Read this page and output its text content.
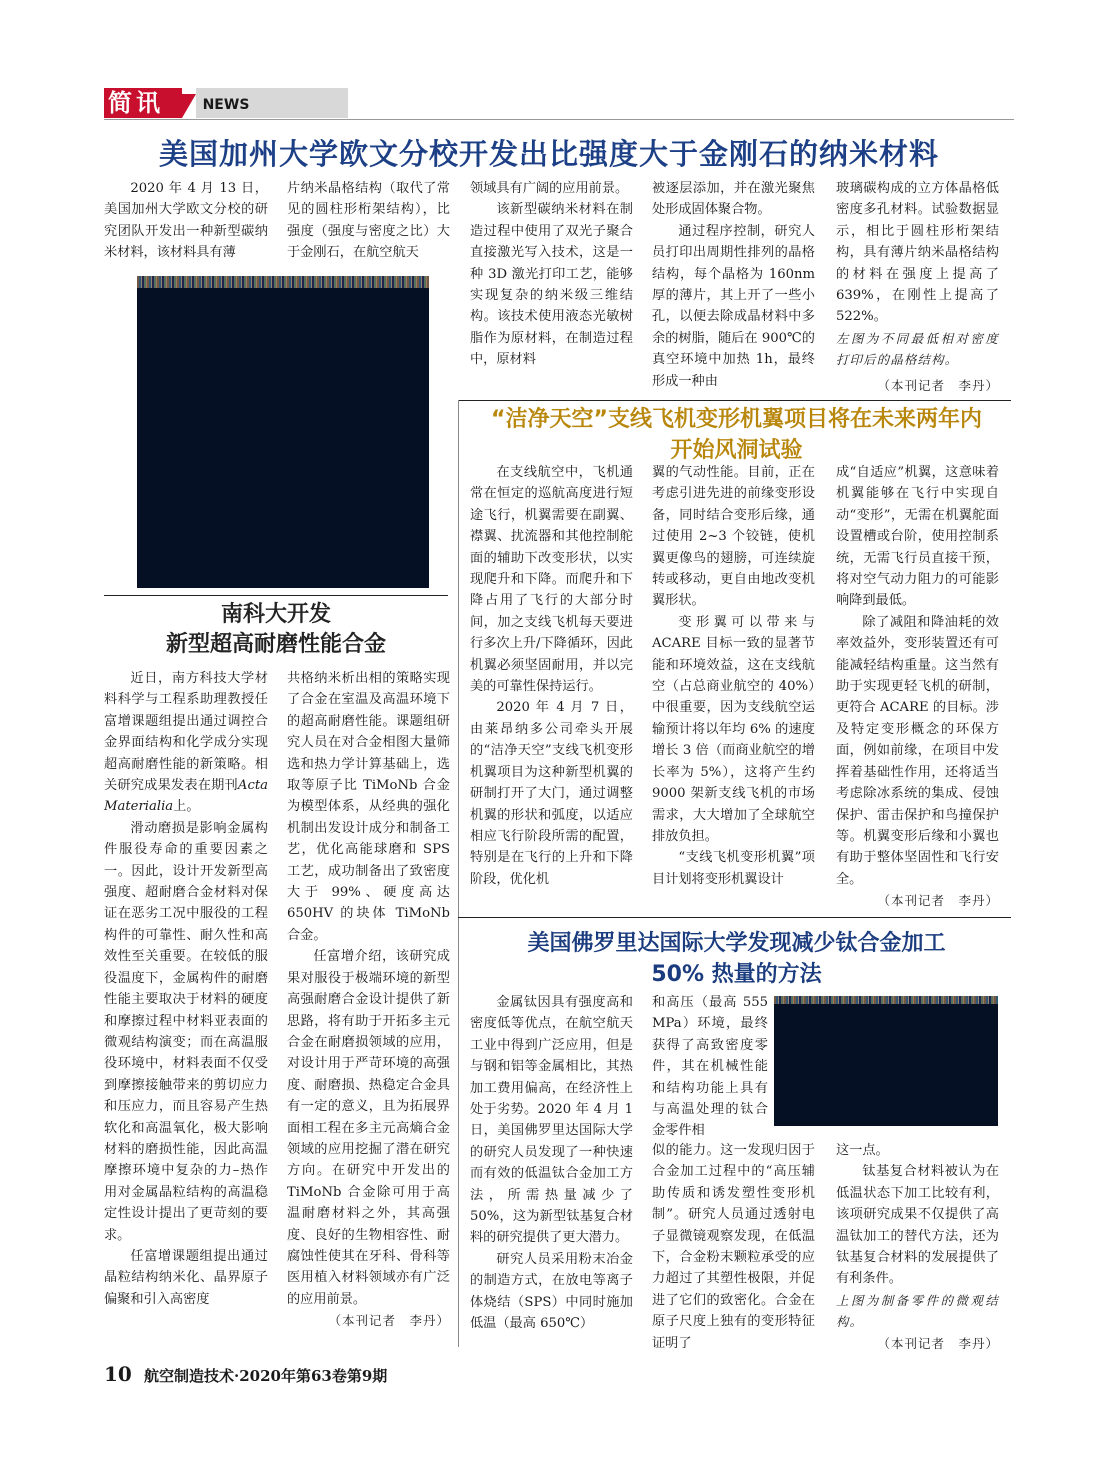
简讯	NEWS
美国加州大学欧文分校开发出比强度大于金刚石的纳米材料

2020 年 4 月 13 日，美国加州大学欧文分校的研究团队开发出一种新型碳纳米材料，该材料具有薄

片纳米晶格结构（取代了常见的圆柱形桁架结构），比强度（强度与密度之比）大于金刚石，在航空航天

领域具有广阔的应用前景。

该新型碳纳米材料在制造过程中使用了双光子聚合直接激光写入技术，这是一种 3D 激光打印工艺，能够实现复杂的纳米级三维结构。该技术使用液态光敏树脂作为原材料，在制造过程中，原材料

被逐层添加，并在激光聚焦处形成固体聚合物。

通过程序控制，研究人员打印出周期性排列的晶格结构，每个晶格为 160nm 厚的薄片，其上开了一些小孔，以便去除成晶材料中多余的树脂，随后在 900℃的真空环境中加热 1h，最终形成一种由

玻璃碳构成的立方体晶格低密度多孔材料。试验数据显示，相比于圆柱形桁架结构，具有薄片纳米晶格结构的材料在强度上提高了 639%，在刚性上提高了 522%。

左图为不同最低相对密度打印后的晶格结构。

（本刊记者　李丹）

南科大开发
新型超高耐磨性能合金

近日，南方科技大学材料科学与工程系助理教授任富增课题组提出通过调控合金界面结构和化学成分实现超高耐磨性能的新策略。相关研究成果发表在期刊Acta Materialia上。

滑动磨损是影响金属构件服役寿命的重要因素之一。因此，设计开发新型高强度、超耐磨合金材料对保证在恶劣工况中服役的工程构件的可靠性、耐久性和高效性至关重要。在较低的服役温度下，金属构件的耐磨性能主要取决于材料的硬度和摩擦过程中材料亚表面的微观结构演变；而在高温服役环境中，材料表面不仅受到摩擦接触带来的剪切应力和压应力，而且容易产生热软化和高温氧化，极大影响材料的磨损性能，因此高温摩擦环境中复杂的力–热作用对金属晶粒结构的高温稳定性设计提出了更苛刻的要求。

任富增课题组提出通过晶粒结构纳米化、晶界原子偏聚和引入高密度

共格纳米析出相的策略实现了合金在室温及高温环境下的超高耐磨性能。课题组研究人员在对合金相图大量筛选和热力学计算基础上，选取等原子比 TiMoNb 合金为模型体系，从经典的强化机制出发设计成分和制备工艺，优化高能球磨和 SPS 工艺，成功制备出了致密度大于 99%、硬度高达 650HV 的块体 TiMoNb 合金。

任富增介绍，该研究成果对服役于极端环境的新型高强耐磨合金设计提供了新思路，将有助于开拓多主元合金在耐磨损领域的应用，对设计用于严苛环境的高强度、耐磨损、热稳定合金具有一定的意义，且为拓展界面相工程在多主元高熵合金领域的应用挖掘了潜在研究方向。在研究中开发出的 TiMoNb 合金除可用于高温耐磨材料之外，其高强度、良好的生物相容性、耐腐蚀性使其在牙科、骨科等医用植入材料领域亦有广泛的应用前景。

（本刊记者　李丹）

“洁净天空”支线飞机变形机翼项目将在未来两年内
开始风洞试验

在支线航空中，飞机通常在恒定的巡航高度进行短途飞行，机翼需要在副翼、襟翼、扰流器和其他控制舵面的辅助下改变形状，以实现爬升和下降。而爬升和下降占用了飞行的大部分时间，加之支线飞机每天要进行多次上升/下降循环，因此机翼必须坚固耐用，并以完美的可靠性保持运行。

2020 年 4 月 7 日，由莱昂纳多公司牵头开展的“洁净天空”支线飞机变形机翼项目为这种新型机翼的研制打开了大门，通过调整机翼的形状和弧度，以适应相应飞行阶段所需的配置，特别是在飞行的上升和下降阶段，优化机

翼的气动性能。目前，正在考虑引进先进的前缘变形设备，同时结合变形后缘，通过使用 2~3 个铰链，使机翼更像鸟的翅膀，可连续旋转或移动，更自由地改变机翼形状。

变形翼可以带来与 ACARE 目标一致的显著节能和环境效益，这在支线航空（占总商业航空的 40%）中很重要，因为支线航空运输预计将以年均 6% 的速度增长 3 倍（而商业航空的增长率为 5%），这将产生约 9000 架新支线飞机的市场需求，大大增加了全球航空排放负担。

“支线飞机变形机翼”项目计划将变形机翼设计

成“自适应”机翼，这意味着机翼能够在飞行中实现自动“变形”，无需在机翼舵面设置槽或台阶，使用控制系统，无需飞行员直接干预，将对空气动力阻力的可能影响降到最低。

除了减阻和降油耗的效率效益外，变形装置还有可能减轻结构重量。这当然有助于实现更轻飞机的研制，更符合 ACARE 的目标。涉及特定变形概念的环保方面，例如前缘，在项目中发挥着基础性作用，还将适当考虑除冰系统的集成、侵蚀保护、雷击保护和鸟撞保护等。机翼变形后缘和小翼也有助于整体坚固性和飞行安全。

（本刊记者　李丹）

美国佛罗里达国际大学发现减少钛合金加工
50% 热量的方法

金属钛因具有强度高和密度低等优点，在航空航天工业中得到广泛应用，但是与钢和铝等金属相比，其热加工费用偏高，在经济性上处于劣势。2020 年 4 月 1 日，美国佛罗里达国际大学的研究人员发现了一种快速而有效的低温钛合金加工方法，所需热量减少了 50%，这为新型钛基复合材料的研究提供了更大潜力。

研究人员采用粉末冶金的制造方式，在放电等离子体烧结（SPS）中同时施加低温（最高 650℃）

和高压（最高 555 MPa）环境，最终获得了高致密度零件，其在机械性能和结构功能上具有与高温处理的钛合金零件相

似的能力。这一发现归因于合金加工过程中的“高压辅助传质和诱发塑性变形机制”。研究人员通过透射电子显微镜观察发现，在低温下，合金粉末颗粒承受的应力超过了其塑性极限，并促进了它们的致密化。合金在原子尺度上独有的变形特征证明了

这一点。

钛基复合材料被认为在低温状态下加工比较有利，该项研究成果不仅提供了高温钛加工的替代方法，还为钛基复合材料的发展提供了有利条件。

上图为制备零件的微观结构。

（本刊记者　李丹）

10 航空制造技术·2020年第63卷第9期
